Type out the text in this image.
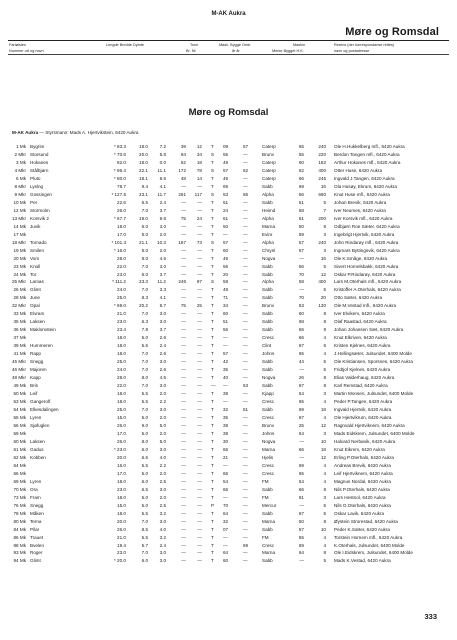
M-AK Aukra
Møre og Romsdal
Fartøistes
Nummer ort og navn
Lengde Bredde Dybde	Tonn
Br. Nt
Mask. Bygge Omb.
år år
Maskin
Merke Bygget H.K.
Rerens (der korrespondanse rettes)
navn og postadresse
Møre og Romsdal
M-AK Aukra — Styrsmann: Mads A. Hjertvikstein, 6420 Aukra
1 Mk Bygrim	* 83.3	18.0	7.2	39	12 T	09	57	Caterp	65	240 Ole H.Hukkelberg mfl., 6420 Aukra
2 Mkr Storsund	* 70.6	20.0	5.8	94	34 S	55	—	Brunv	55	220 Berdon Tangen mfl., 6420 Aukra
3 Mk Hokanes	82.0	18.0	0.0	52	18 T	49	—	Caterp	60	182 Arthur Hokanes mfl., 6420 Aukra
4 Mkr Stålbjørn	* 96.4	22.1	11.1	172	78 S	57	62	Caterp	62	400 Otter Huse, 6420 Aukra
6 Mk Pluto	* 80.0	18.1	8.6	48	14 T	46	—	Caterp	66	245 Ingvald J.Tangen, 6420 Aukra
8 Mkr Lyslng	78.7	9.4	4.1	—	— T	69	—	Sabb	69	16 Ola Husøy, Ekrum, 6420 Aukra
9 Mkr Gossingen	* 127.6	23.1	11.7	261	117 S	53	65	Alpha	56	660 Knut Huse mfl., 6420 Aukra
10 Mk Per	22.6	6.5	2.4	—	— T	51	—	Sabb	51	5 Johan Brevik, 6420 Aukra
12 Mk Stormolm	26.0	7.0	3.7	—	— T	24	—	Heimd	58	7 Iver Neumes, 6420 Aukra
13 Mkr Korsvik 2	* 67.7	19.0	9.6	75	24 T	61	—	Alpha	61	200 Iver Korsvik mfl., 6420 Aukra
14 Mk Juvik	18.0	6.0	3.0	—	— T	50	—	Marna	50	8 Odbjørn Roe Sæter, 6420 Aukra
17 Mk	17.0	5.0	2.0	—	— T	—	—	Evinr	59	3 Ingebrigt Hjertvik, 6420 Aukra
18 Mkr Tornado	* 101.3	21.1	10.3	167	73 S	57	—	Alpha	57	240 John Rindarøy mfl., 6420 Aukra
19 Mk Smilen	* 16.0	5.0	2.0	—	— T	60	—	Chrysl	67	3 Ingmars Byttingsvik, 6420 Aukra
20 Mk Vom	28.0	8.0	4.6	—	— T	46	—	Nogva	—	16 Ole K.Småge, 6420 Aukra
23 Mk Knoll	22.0	7.0	3.0	—	— T	56	—	Sabb	56	5 Sivert Hornelsbakk, 6420 Aukra
24 Mk Tor	23.0	6.0	3.7	—	— T	20	—	Sabb	70	12 Oskar P.Rindarøy, 6420 Aukra
25 Mkr Lamas	* 111.2	23.3	11.2	246	97 S	58	—	Alpha	58	400 Lars M.Oterhals mfl., 6420 Aukra
26 Mk Glimt	24.0	7.0	3.3	—	— T	48	—	Sabb	—	5 Kristoffer A.Oterhals, 6420 Aukra
28 Mk June	25.0	8.3	4.1	—	— T	71	—	Sabb	70	20 Otto Sæter, 6420 Aukra
32 Mkr Opal	* 69.0	20.2	8.7	75	25 T	34	—	Brunv	53	130 Ole M.Vestad mfl., 6420 Aukra
33 Mk Elvram	21.0	7.0	3.0	—	— T	60	—	Sabb	60	8 Iver Elvikem, 6420 Aukra
35 Mk Laksen	23.0	6.3	3.0	—	— T	51	—	Sabb	68	8 Olaf Raastad, 6420 Aukra
36 Mk Maklomstein	23.4	7.9	3.7	—	— T	56	—	Sabb	56	9 Johan Johansen Sæt, 6420 Aukra
37 Mk	18.0	5.0	2.6	—	— T	—	—	Cresc	66	4 Knut Elkriven, 6420 Aukra
39 Mk Hummeren	18.0	5.6	2.4	—	— T	—	—	Clint	67	6 Kristen Kjelnes, 6420 Aukra
41 Mk Rapp	18.0	7.0	2.6	—	— T	57	—	Johns	65	4 J.Hollingsæter, Julsundet, 6400 Molde
45 Mkr Snegg	25.0	7.0	3.0	—	— T	42	—	Sabb	44	5 Ole Kristiansen, Sporsnes, 6420 Aukra
46 Mkr Majoren	24.0	7.0	2.6	—	— T	35	—	Sabb	—	5 Fridtjof Kjelnes, 6420 Aukra
48 Mkr Kapp	28.0	8.0	4.5	—	— T	40	—	Nogva	26	8 Elias Valderhaug, 6420 Aukra
49 Mk Bris	22.0	7.0	3.0	—	— —	—	63	Sabb	67	8 Karl Remstad, 6420 Aukra
50 Mk Leif	18.0	5.5	2.0	—	— T	39	—	Kjapp	54	3 Martin Monsen, Julsundet, 6400 Molde
53 Mk Gangerolf	18.0	5.5	2.2	—	— T	—	—	Cresc	65	4 Peder P.Tangen, 6420 Aukra
54 Mk Elkesdalingen	25.0	7.0	3.0	—	— T	32	51	Sabb	69	18 Ingvald Hjertvik, 6420 Aukra
55 Mk Lyren	15.0	5.0	2.0	—	— T	35	—	Cresc	67	4 Ole Hjertvikrum, 6420 Aukra
56 Mk Sjøfuglen	26.0	9.0	5.0	—	— T	39	—	Brunv	25	12 Ragnvald Hjertviknem, 6420 Aukra
59 Mk	17.0	5.0	2.0	—	— T	39	—	Johns	64	3 Mads Eidskrem, Julsundet, 6400 Molde
60 Mk Laksen	26.0	8.0	5.0	—	— T	30	—	Nogva	—	10 Halvard Nerbøvik, 6420 Aukra
61 Mk Gadus	* 23.0	6.0	3.0	—	— T	66	—	Marna	66	18 Knut Eikrem, 6420 Aukra
62 Mk Kobben	20.0	6.6	4.0	—	— T	21	—	Hjelis	—	12 Erling P.Oterhals, 6420 Aukra
64 Mk	16.0	5.5	2.2	—	— T	—	—	Cresc	69	4 Andreas Brevik, 6420 Aukra
66 Mk	17.0	5.0	2.0	—	— T	66	—	Cresc	65	4 Leif Hjertviknem, 6420 Aukra
69 Mk Lyren	18.0	6.0	2.5	—	— T	54	—	FM	54	4 Magnus Nordal, 6420 Aukra
70 Mk Ora	23.0	6.5	3.0	—	— T	66	—	Sabb	66	8 Nils P.Oterhals, 6420 Aukra
73 Mk Fram	18.0	5.0	2.0	—	— T	—	—	FM	81	3 Lars Hestnol, 6420 Aukra
76 Mk Snegg	15.0	5.0	2.5	—	— P	70	—	Mercur	—	5 Nils O.Oterhals, 6420 Aukra
78 Mk Måken	18.0	5.5	3.2	—	— T	64	—	Sabb	67	5 Oskar Lavik, 6420 Aukra
80 Mk Terna	20.0	7.0	3.0	—	— T	32	—	Marna	50	8 Øystein Strorestad, 6420 Aukra
84 Mk Pilar	26.0	8.5	4.0	—	— T	07	—	Sabb	57	10 Peder K.Sæter, 6420 Aukra
86 Mk Trauet	21.0	5.5	3.2	—	— T	—	—	FM	55	4 Torstein Hornem mfl., 6420 Aukra
88 Mk Bvelen	19.4	5.7	2.4	—	— T	—	69	Cresc	69	4 K.Oterhals, Julsundet, 6400 Molde
93 Mk Roger	23.0	7.0	3.0	—	— T	64	—	Marna	64	8 Ole I.Eidskrem, Julsundet, 6400 Molde
94 Mk Glimt	* 20.0	6.0	3.0	—	— T	60	—	Sabb	—	5 Mads K.Vestad, 6420 Aukra
333
